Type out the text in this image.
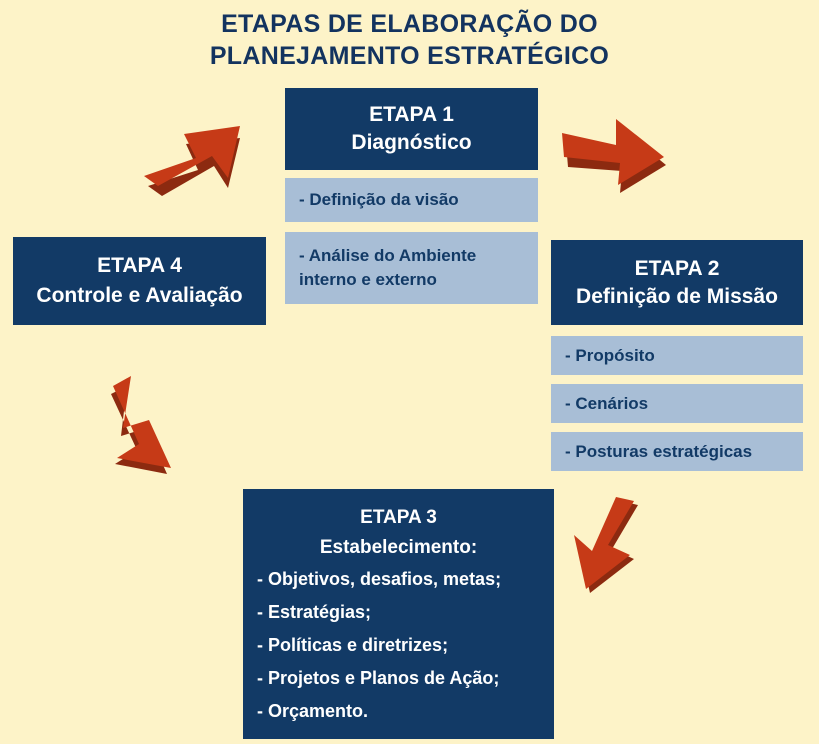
ETAPAS DE ELABORAÇÃO DO
PLANEJAMENTO ESTRATÉGICO
ETAPA 1
Diagnóstico
- Definição da visão
- Análise do Ambiente interno e externo	ETAPA 2
Definição de Missão
- Propósito
- Cenários
- Posturas estratégicas
ETAPA 3
Estabelecimento:
- Objetivos, desafios, metas;
- Estratégias;
- Políticas e diretrizes;
- Projetos e Planos de Ação;
- Orçamento.
ETAPA 4
Controle e Avaliação
